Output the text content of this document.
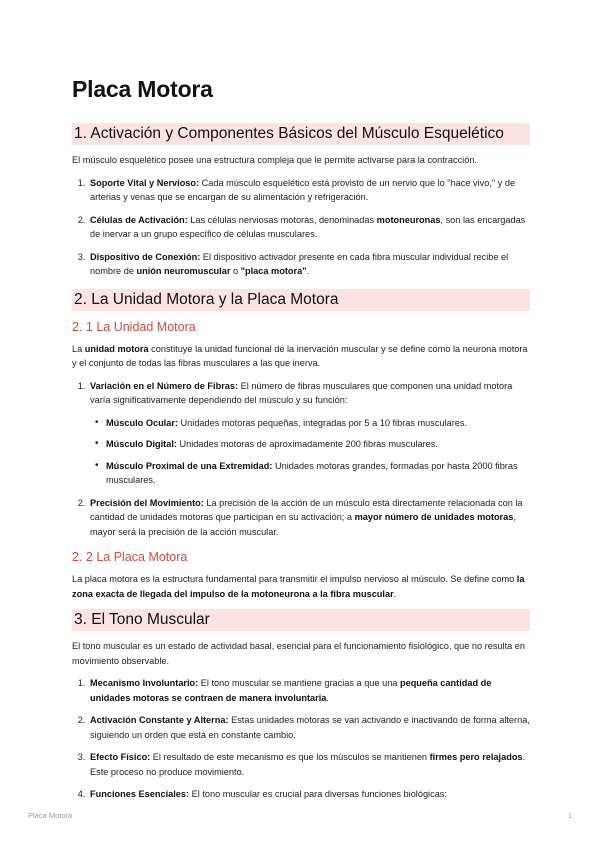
Placa Motora
1. Activación y Componentes Básicos del Músculo Esquelético

El músculo esquelético posee una estructura compleja que le permite activarse para la contracción.

1. Soporte Vital y Nervioso: Cada músculo esquelético está provisto de un nervio que lo "hace vivo," y de arterias y venas que se encargan de su alimentación y refrigeración.
2. Células de Activación: Las células nerviosas motoras, denominadas motoneuronas, son las encargadas de inervar a un grupo específico de células musculares.
3. Dispositivo de Conexión: El dispositivo activador presente en cada fibra muscular individual recibe el nombre de unión neuromuscular o "placa motora".
2. La Unidad Motora y la Placa Motora
2. 1 La Unidad Motora

La unidad motora constituye la unidad funcional de la inervación muscular y se define como la neurona motora y el conjunto de todas las fibras musculares a las que inerva.

1. Variación en el Número de Fibras: El número de fibras musculares que componen una unidad motora varía significativamente dependiendo del músculo y su función:
• Músculo Ocular: Unidades motoras pequeñas, integradas por 5 a 10 fibras musculares.
• Músculo Digital: Unidades motoras de aproximadamente 200 fibras musculares.
• Músculo Proximal de una Extremidad: Unidades motoras grandes, formadas por hasta 2000 fibras musculares.
2. Precisión del Movimiento: La precisión de la acción de un músculo está directamente relacionada con la cantidad de unidades motoras que participan en su activación; a mayor número de unidades motoras, mayor será la precisión de la acción muscular.
2. 2 La Placa Motora

La placa motora es la estructura fundamental para transmitir el impulso nervioso al músculo. Se define como la zona exacta de llegada del impulso de la motoneurona a la fibra muscular.

3. El Tono Muscular

El tono muscular es un estado de actividad basal, esencial para el funcionamiento fisiológico, que no resulta en movimiento observable.

1. Mecanismo Involuntario: El tono muscular se mantiene gracias a que una pequeña cantidad de unidades motoras se contraen de manera involuntaria.
2. Activación Constante y Alterna: Estas unidades motoras se van activando e inactivando de forma alterna, siguiendo un orden que está en constante cambio.
3. Efecto Físico: El resultado de este mecanismo es que los músculos se mantienen firmes pero relajados. Este proceso no produce movimiento.
4. Funciones Esenciales: El tono muscular es crucial para diversas funciones biológicas:
Placa Motora	1
